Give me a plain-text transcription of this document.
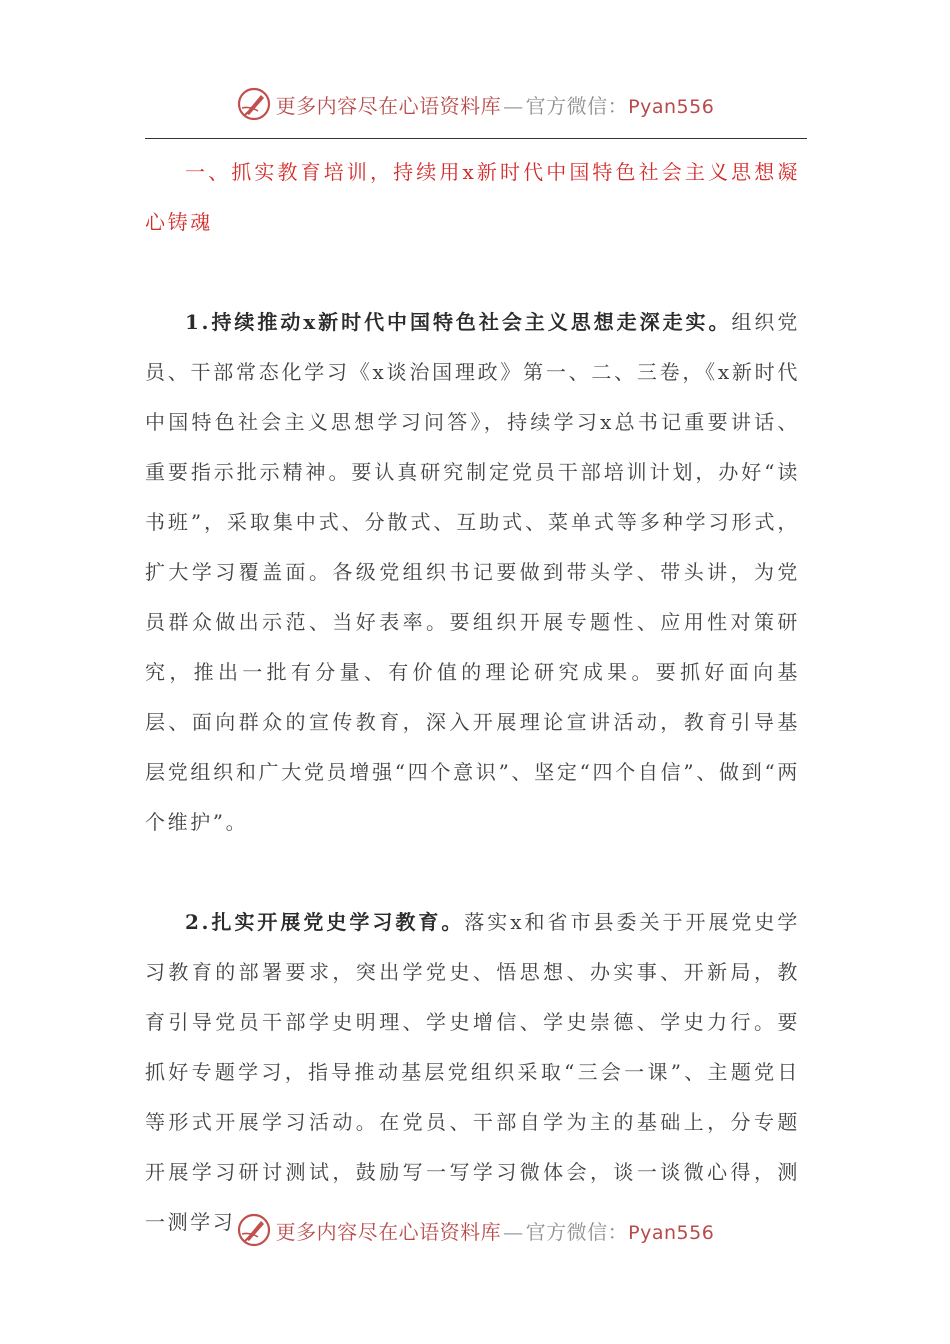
更多内容尽在心语资料库 — 官方微信：Pyan556

一、抓实教育培训，持续用x新时代中国特色社会主义思想凝心铸魂

1.持续推动x新时代中国特色社会主义思想走深走实。组织党员、干部常态化学习《x谈治国理政》第一、二、三卷，《x新时代中国特色社会主义思想学习问答》，持续学习x总书记重要讲话、重要指示批示精神。要认真研究制定党员干部培训计划，办好“读书班”，采取集中式、分散式、互助式、菜单式等多种学习形式，扩大学习覆盖面。各级党组织书记要做到带头学、带头讲，为党员群众做出示范、当好表率。要组织开展专题性、应用性对策研究，推出一批有分量、有价值的理论研究成果。要抓好面向基层、面向群众的宣传教育，深入开展理论宣讲活动，教育引导基层党组织和广大党员增强“四个意识”、坚定“四个自信”、做到“两个维护”。

2.扎实开展党史学习教育。落实x和省市县委关于开展党史学习教育的部署要求，突出学党史、悟思想、办实事、开新局，教育引导党员干部学史明理、学史增信、学史崇德、学史力行。要抓好专题学习，指导推动基层党组织采取“三会一课”、主题党日等形式开展学习活动。在党员、干部自学为主的基础上，分专题开展学习研讨测试，鼓励写一写学习微体会，谈一谈微心得，测一测学习	更多内容尽在心语资料库 — 官方微信：Pyan556
